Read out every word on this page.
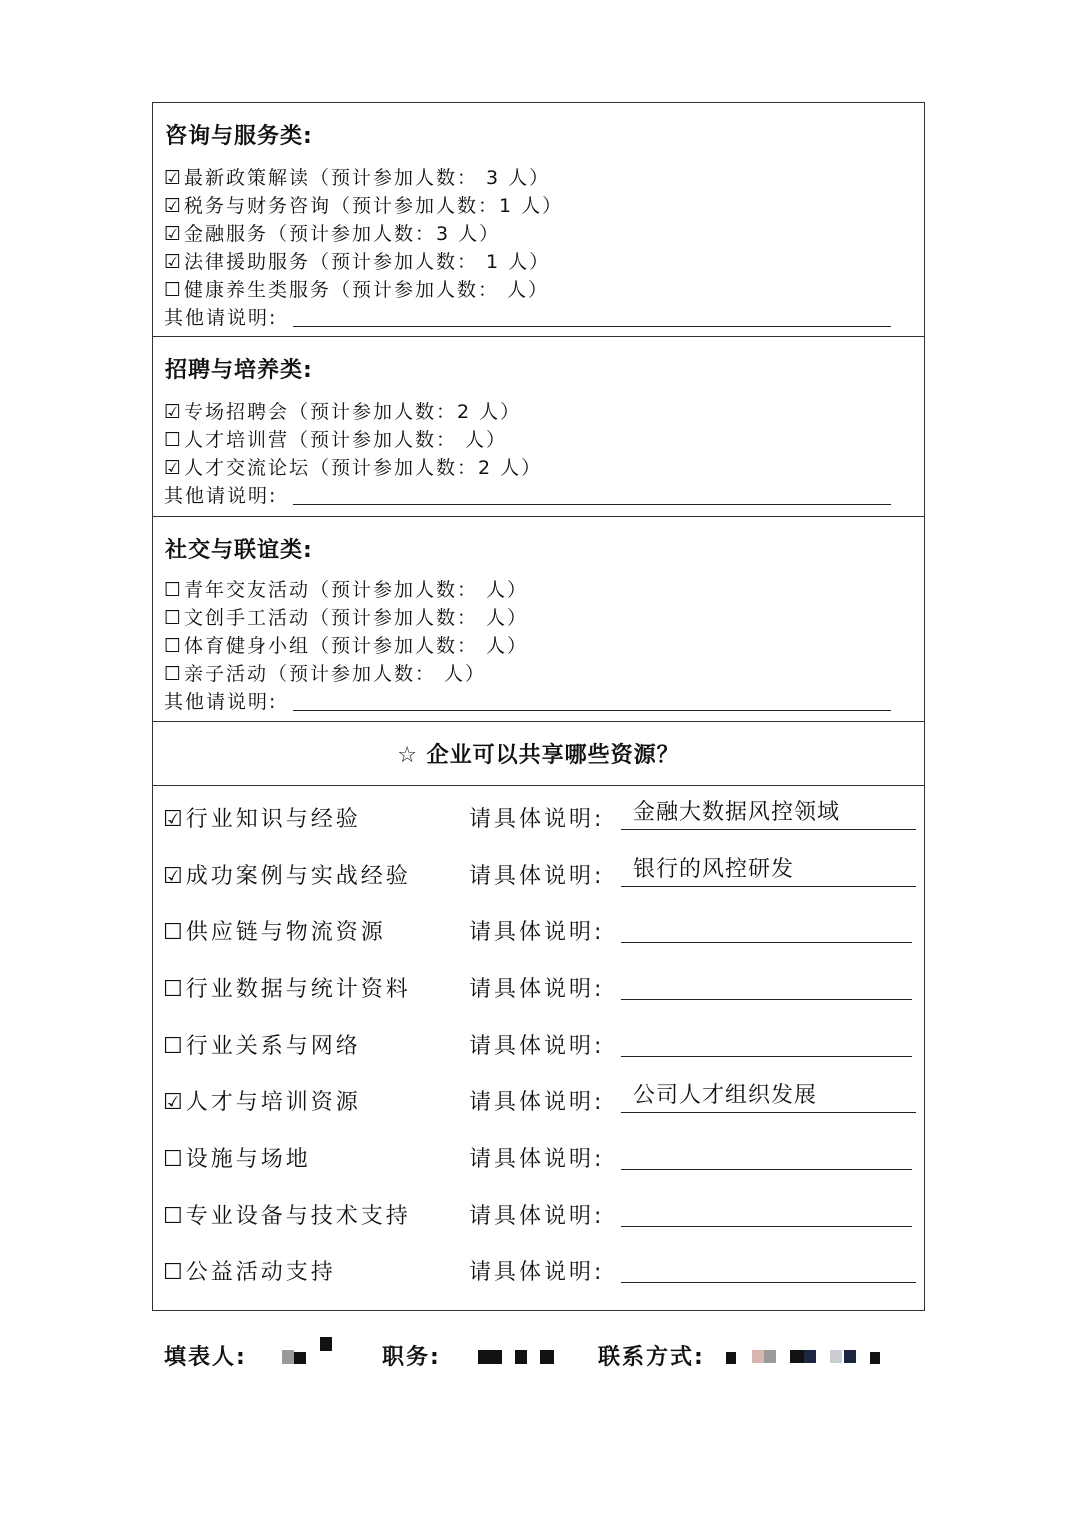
咨询与服务类:
☑最新政策解读（预计参加人数： 3 人）
☑税务与财务咨询（预计参加人数：1 人）
☑金融服务（预计参加人数：3 人）
☑法律援助服务（预计参加人数： 1 人）
☐健康养生类服务（预计参加人数： 人）
其他请说明:
招聘与培养类:
☑专场招聘会（预计参加人数：2 人）
☐人才培训营（预计参加人数： 人）
☑人才交流论坛（预计参加人数：2 人）
其他请说明:
社交与联谊类:
☐青年交友活动（预计参加人数： 人）
☐文创手工活动（预计参加人数： 人）
☐体育健身小组（预计参加人数： 人）
☐亲子活动（预计参加人数： 人）
其他请说明:
☆ 企业可以共享哪些资源？
☑行业知识与经验	请具体说明:	金融大数据风控领域
☑成功案例与实战经验	请具体说明:	银行的风控研发
☐供应链与物流资源	请具体说明:
☐行业数据与统计资料	请具体说明:
☐行业关系与网络	请具体说明:
☑人才与培训资源	请具体说明:	公司人才组织发展
☐设施与场地	请具体说明:
☐专业设备与技术支持	请具体说明:
☐公益活动支持	请具体说明:
填表人:	职务:	联系方式:
